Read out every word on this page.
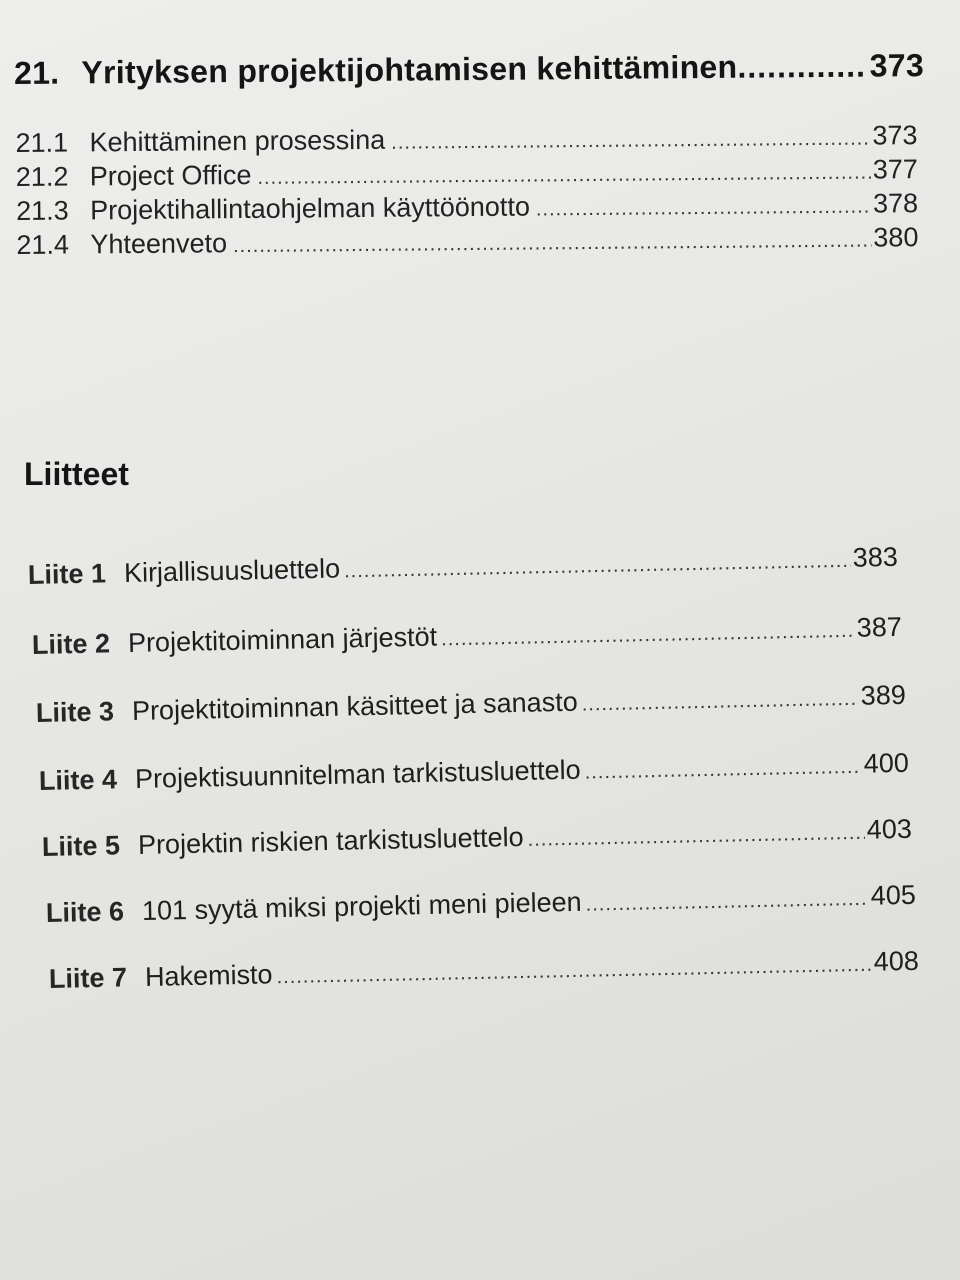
21. Yrityksen projektijohtamisen kehittäminen .....	373
21.1 Kehittäminen prosessina .....	373
21.2 Project Office .....	377
21.3 Projektihallintaohjelman käyttöönotto .....	378
21.4 Yhteenveto .....	380
Liitteet
Liite 1 Kirjallisuusluettelo .....	383
Liite 2 Projektitoiminnan järjestöt .....	387
Liite 3 Projektitoiminnan käsitteet ja sanasto .....	389
Liite 4 Projektisuunnitelman tarkistusluettelo .....	400
Liite 5 Projektin riskien tarkistusluettelo .....	403
Liite 6 101 syytä miksi projekti meni pieleen .....	405
Liite 7 Hakemisto .....	408
